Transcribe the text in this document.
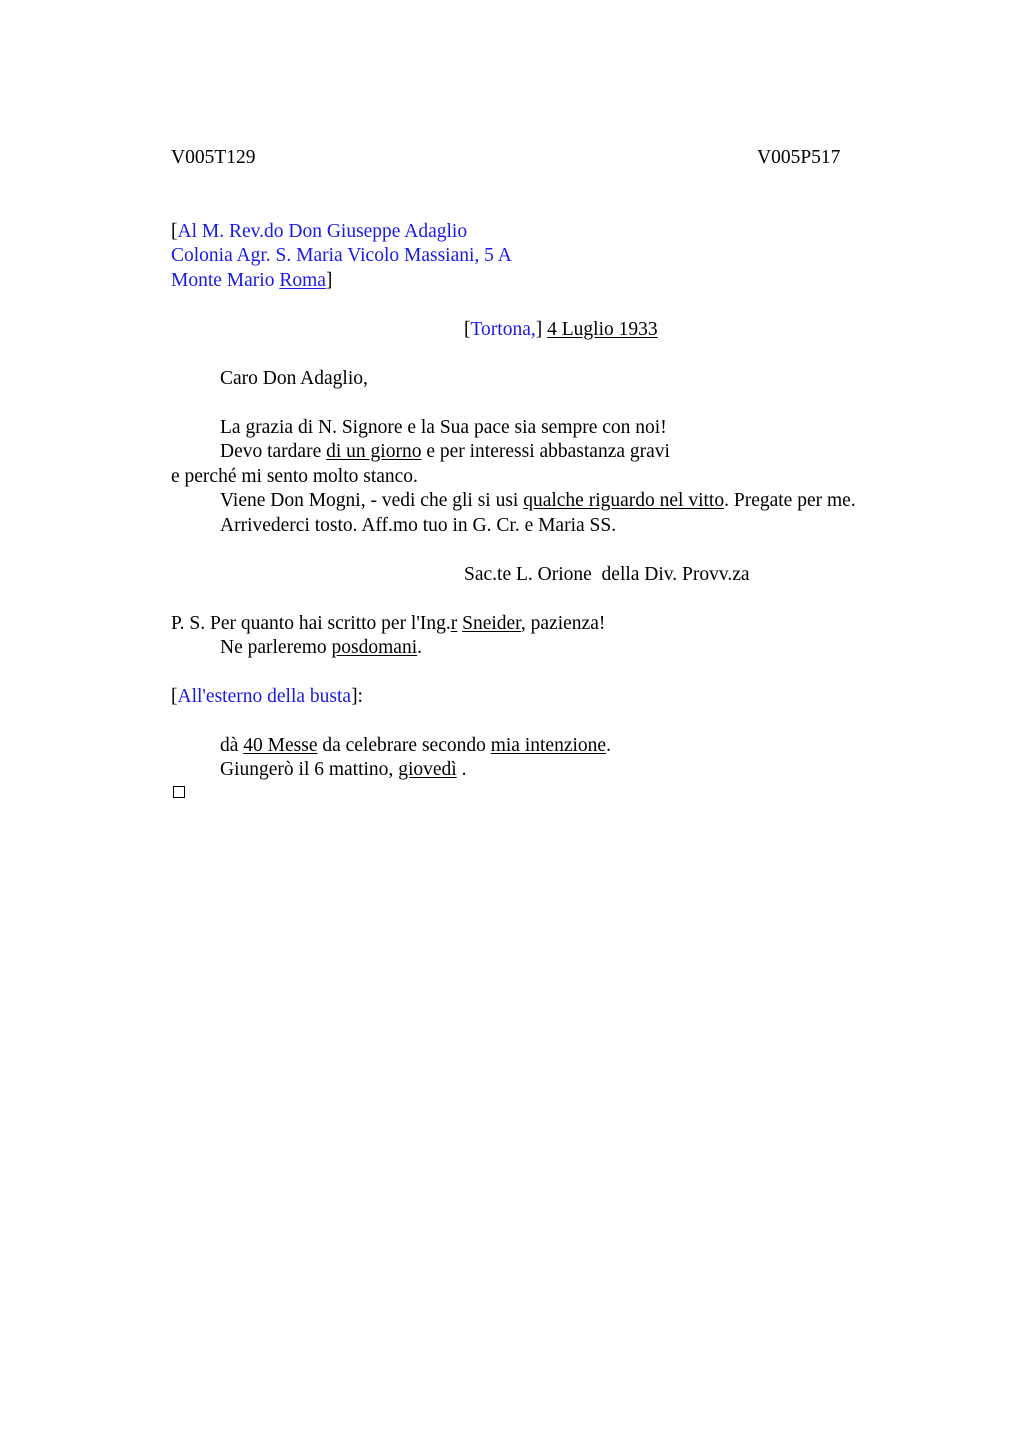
V005T129	V005P517
[Al M. Rev.do Don Giuseppe Adaglio
Colonia Agr. S. Maria Vicolo Massiani, 5 A
Monte Mario Roma]
[Tortona,] 4 Luglio 1933
Caro Don Adaglio,
La grazia di N. Signore e la Sua pace sia sempre con noi!
Devo tardare di un giorno e per interessi abbastanza gravi
e perché mi sento molto stanco.
Viene Don Mogni, - vedi che gli si usi qualche riguardo nel vitto. Pregate per me.
Arrivederci tosto. Aff.mo tuo in G. Cr. e Maria SS.
Sac.te L. Orione  della Div. Provv.za
P. S. Per quanto hai scritto per l'Ing.r Sneider, pazienza!
Ne parleremo posdomani.
[All'esterno della busta]:
dà 40 Messe da celebrare secondo mia intenzione.
Giungerò il 6 mattino, giovedì .
